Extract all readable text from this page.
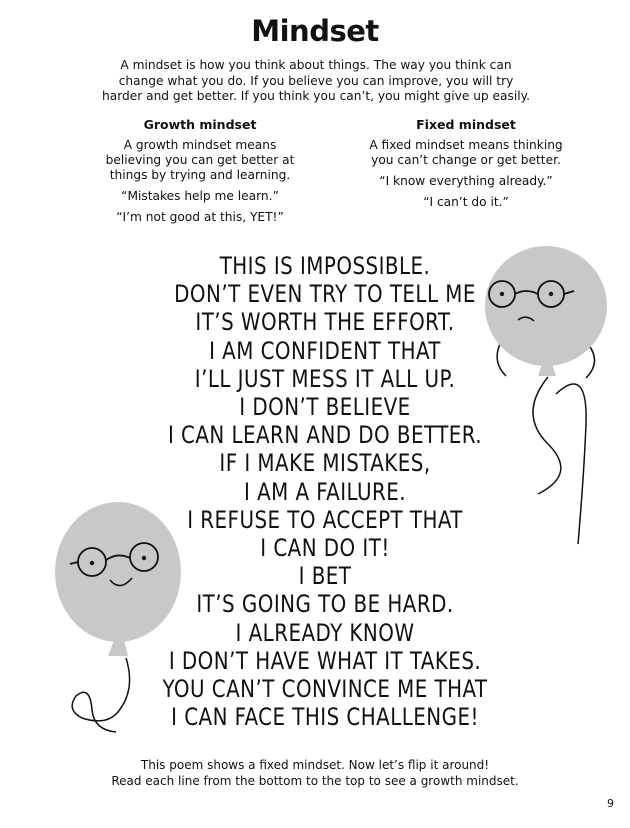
Mindset
A mindset is how you think about things. The way you think can change what you do. If you believe you can improve, you will try harder and get better. If you think you can’t, you might give up easily.
Growth mindset

A growth mindset means believing you can get better at things by trying and learning.

“Mistakes help me learn.”
“I’m not good at this, YET!”
Fixed mindset

A fixed mindset means thinking you can’t change or get better.

“I know everything already.”
“I can’t do it.”
THIS IS IMPOSSIBLE.
DON’T EVEN TRY TO TELL ME
IT’S WORTH THE EFFORT.
I AM CONFIDENT THAT
I’LL JUST MESS IT ALL UP.
I DON’T BELIEVE
I CAN LEARN AND DO BETTER.
IF I MAKE MISTAKES,
I AM A FAILURE.
I REFUSE TO ACCEPT THAT
I CAN DO IT!
I BET
IT’S GOING TO BE HARD.
I ALREADY KNOW
I DON’T HAVE WHAT IT TAKES.
YOU CAN’T CONVINCE ME THAT
I CAN FACE THIS CHALLENGE!
This poem shows a fixed mindset. Now let’s flip it around!
Read each line from the bottom to the top to see a growth mindset.
9
